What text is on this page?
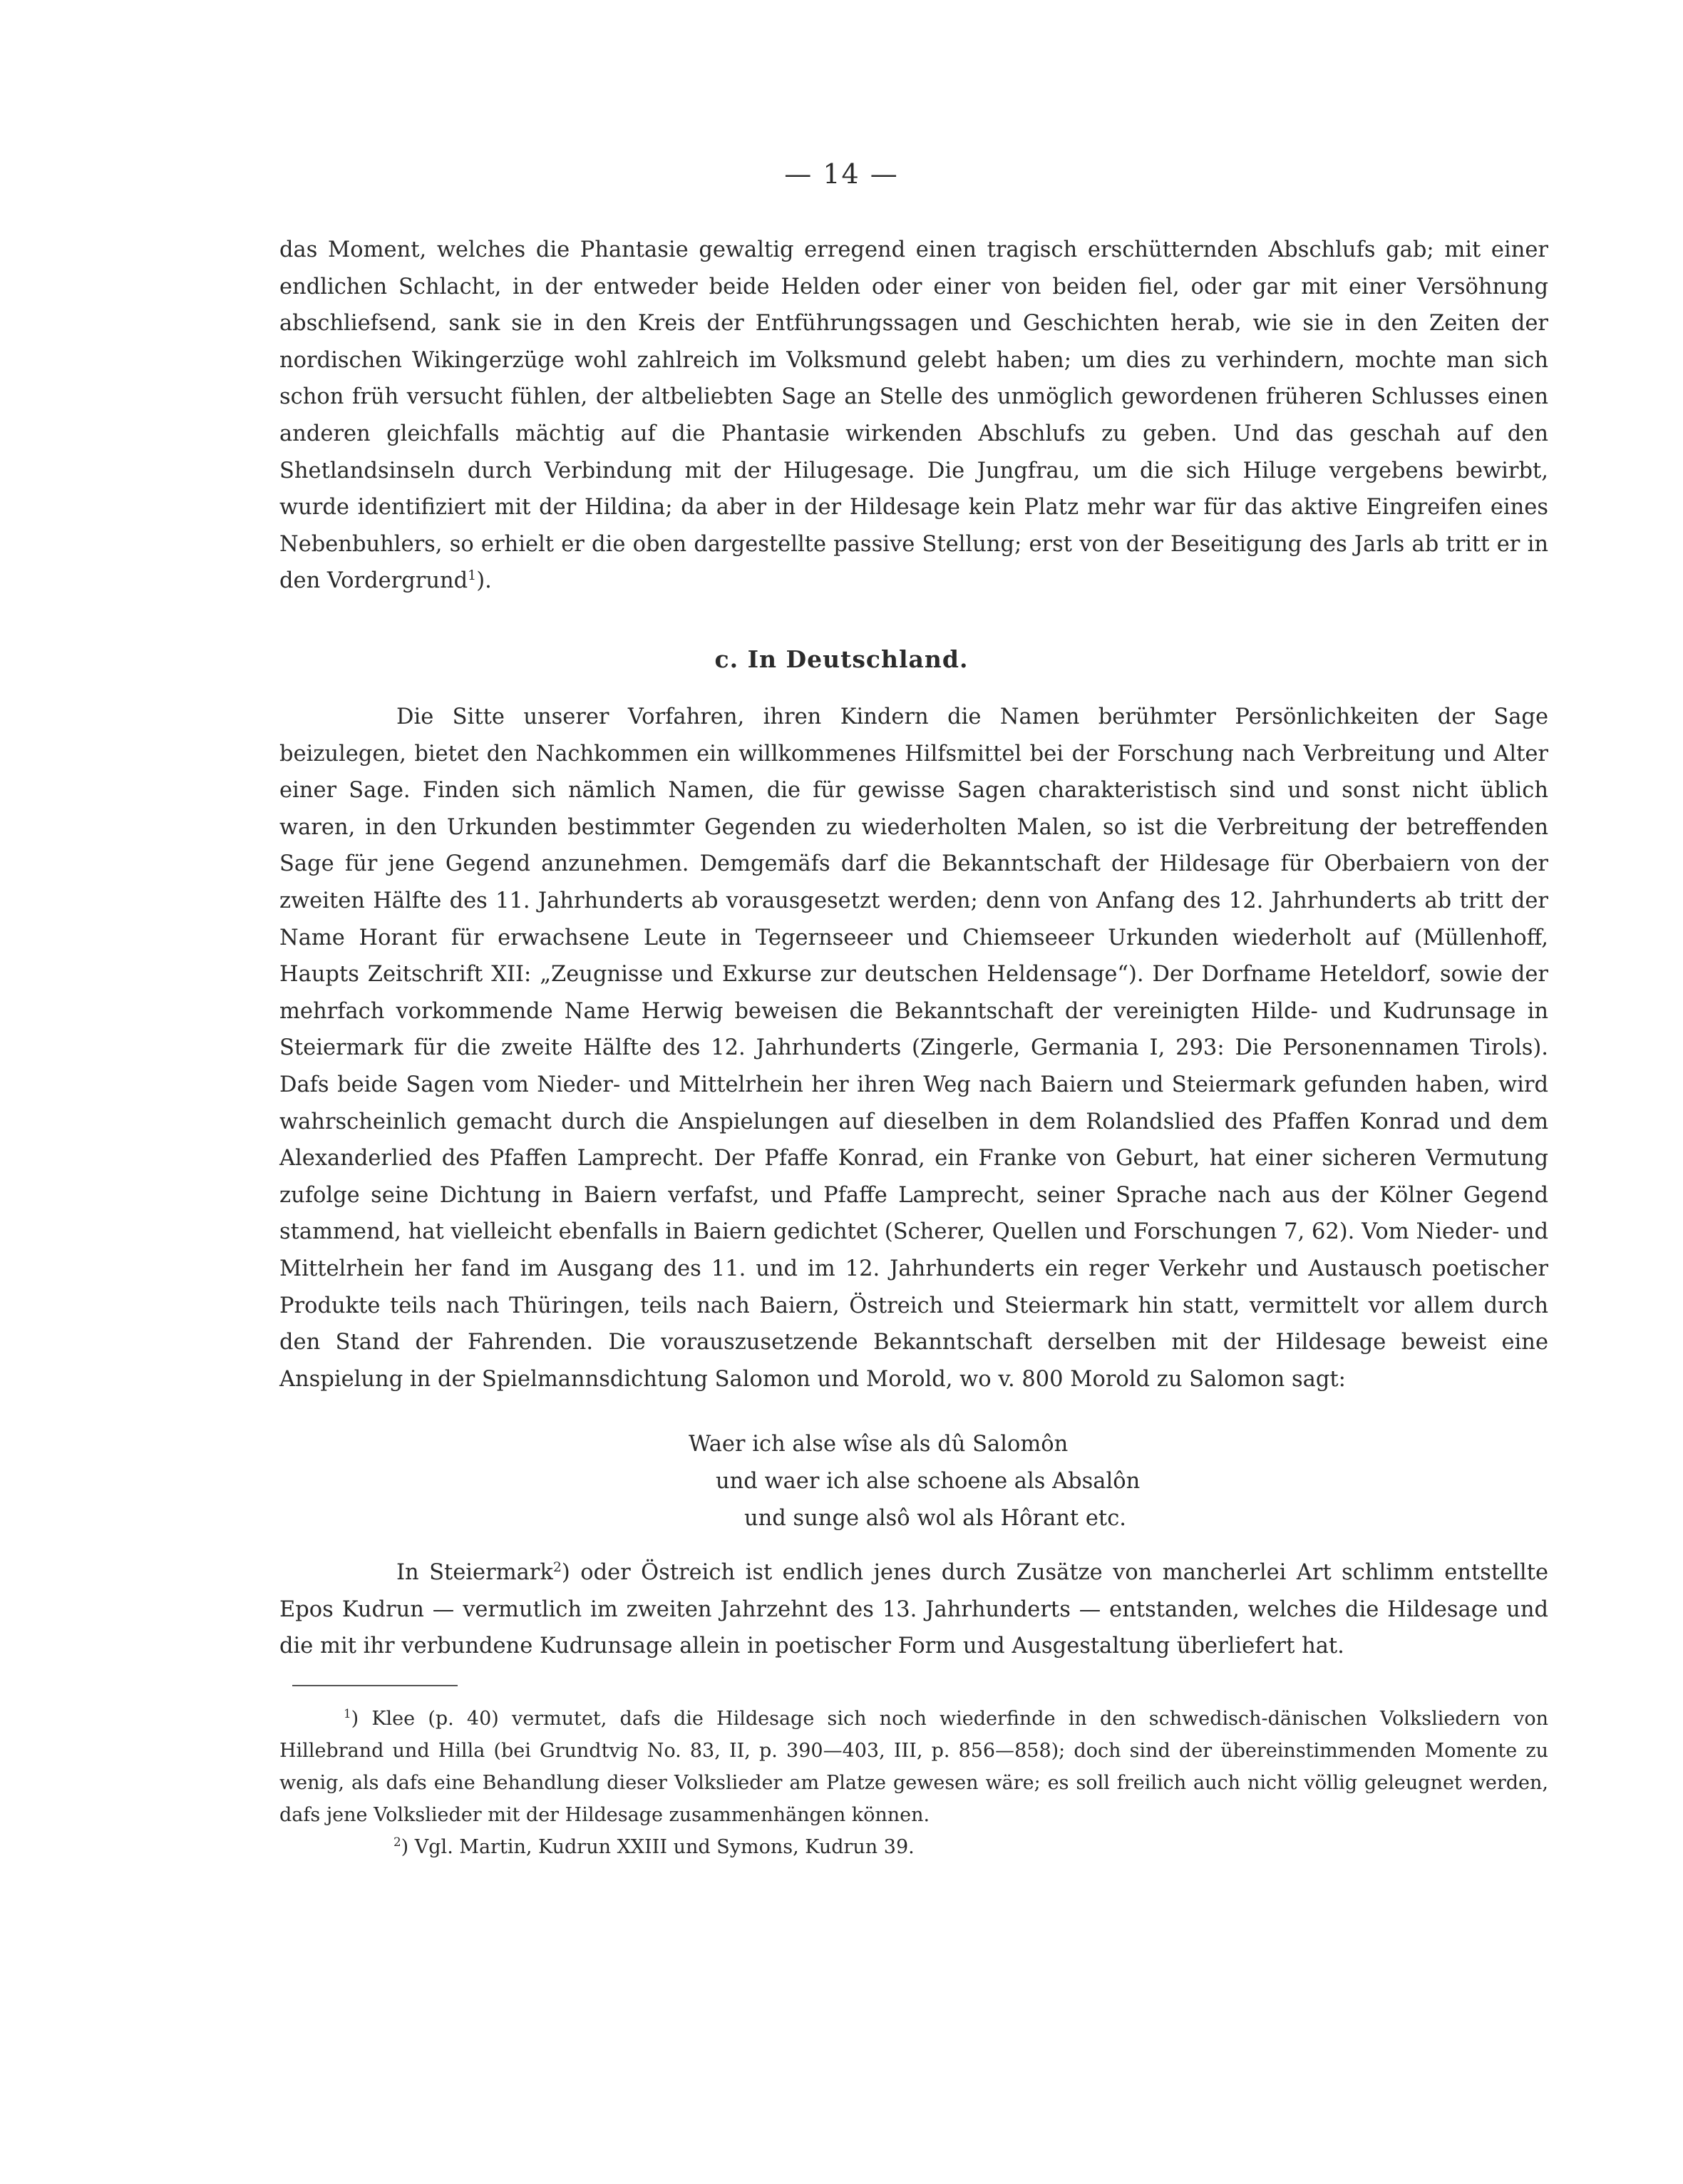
— 14 —

das Moment, welches die Phantasie gewaltig erregend einen tragisch erschütternden Abschlufs gab; mit einer endlichen Schlacht, in der entweder beide Helden oder einer von beiden fiel, oder gar mit einer Versöhnung abschliefsend, sank sie in den Kreis der Entführungssagen und Geschichten herab, wie sie in den Zeiten der nordischen Wikingerzüge wohl zahlreich im Volksmund gelebt haben; um dies zu verhindern, mochte man sich schon früh versucht fühlen, der altbeliebten Sage an Stelle des unmöglich gewordenen früheren Schlusses einen anderen gleichfalls mächtig auf die Phantasie wirkenden Abschlufs zu geben. Und das geschah auf den Shetlandsinseln durch Verbindung mit der Hilugesage. Die Jungfrau, um die sich Hiluge vergebens bewirbt, wurde identifiziert mit der Hildina; da aber in der Hildesage kein Platz mehr war für das aktive Eingreifen eines Nebenbuhlers, so erhielt er die oben dargestellte passive Stellung; erst von der Beseitigung des Jarls ab tritt er in den Vordergrund$^1$).

c. In Deutschland.

Die Sitte unserer Vorfahren, ihren Kindern die Namen berühmter Persönlichkeiten der Sage beizulegen, bietet den Nachkommen ein willkommenes Hilfsmittel bei der Forschung nach Verbreitung und Alter einer Sage. Finden sich nämlich Namen, die für gewisse Sagen charakteristisch sind und sonst nicht üblich waren, in den Urkunden bestimmter Gegenden zu wiederholten Malen, so ist die Verbreitung der betreffenden Sage für jene Gegend anzunehmen. Demgemäfs darf die Bekanntschaft der Hildesage für Oberbaiern von der zweiten Hälfte des 11. Jahrhunderts ab vorausgesetzt werden; denn von Anfang des 12. Jahrhunderts ab tritt der Name Horant für erwachsene Leute in Tegernseeer und Chiemseeer Urkunden wiederholt auf (Müllenhoff, Haupts Zeitschrift XII: „Zeugnisse und Exkurse zur deutschen Heldensage“). Der Dorfname Heteldorf, sowie der mehrfach vorkommende Name Herwig beweisen die Bekanntschaft der vereinigten Hilde- und Kudrunsage in Steiermark für die zweite Hälfte des 12. Jahrhunderts (Zingerle, Germania I, 293: Die Personennamen Tirols). Dafs beide Sagen vom Nieder- und Mittelrhein her ihren Weg nach Baiern und Steiermark gefunden haben, wird wahrscheinlich gemacht durch die Anspielungen auf dieselben in dem Rolandslied des Pfaffen Konrad und dem Alexanderlied des Pfaffen Lamprecht. Der Pfaffe Konrad, ein Franke von Geburt, hat einer sicheren Vermutung zufolge seine Dichtung in Baiern verfafst, und Pfaffe Lamprecht, seiner Sprache nach aus der Kölner Gegend stammend, hat vielleicht ebenfalls in Baiern gedichtet (Scherer, Quellen und Forschungen 7, 62). Vom Nieder- und Mittelrhein her fand im Ausgang des 11. und im 12. Jahrhunderts ein reger Verkehr und Austausch poetischer Produkte teils nach Thüringen, teils nach Baiern, Östreich und Steiermark hin statt, vermittelt vor allem durch den Stand der Fahrenden. Die vorauszusetzende Bekanntschaft derselben mit der Hildesage beweist eine Anspielung in der Spielmannsdichtung Salomon und Morold, wo v. 800 Morold zu Salomon sagt:

Waer ich alse wîse als dû Salomôn
und waer ich alse schoene als Absalôn
und sunge alsô wol als Hôrant etc.

In Steiermark$^2$) oder Östreich ist endlich jenes durch Zusätze von mancherlei Art schlimm entstellte Epos Kudrun — vermutlich im zweiten Jahrzehnt des 13. Jahrhunderts — entstanden, welches die Hildesage und die mit ihr verbundene Kudrunsage allein in poetischer Form und Ausgestaltung überliefert hat.

$^1$) Klee (p. 40) vermutet, dafs die Hildesage sich noch wiederfinde in den schwedisch-dänischen Volksliedern von Hillebrand und Hilla (bei Grundtvig No. 83, II, p. 390—403, III, p. 856—858); doch sind der übereinstimmenden Momente zu wenig, als dafs eine Behandlung dieser Volkslieder am Platze gewesen wäre; es soll freilich auch nicht völlig geleugnet werden, dafs jene Volkslieder mit der Hildesage zusammenhängen können.

$^2$) Vgl. Martin, Kudrun XXIII und Symons, Kudrun 39.
